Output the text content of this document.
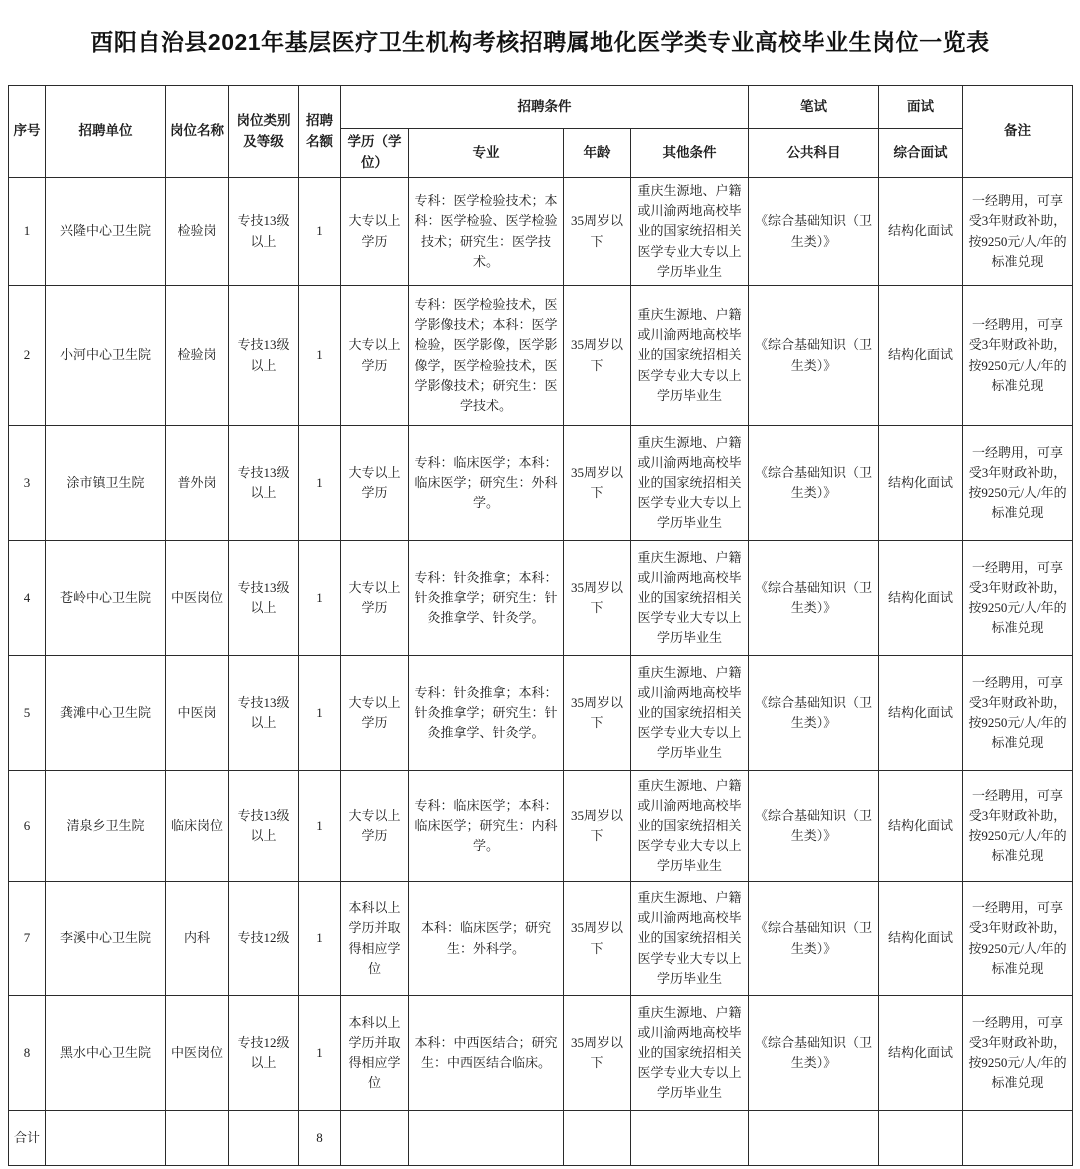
酉阳自治县2021年基层医疗卫生机构考核招聘属地化医学类专业高校毕业生岗位一览表
序号	招聘单位	岗位名称	岗位类别及等级	招聘名额	招聘条件				笔试	面试	备注
					学历（学位）	专业	年龄	其他条件	公共科目	综合面试	
1	兴隆中心卫生院	检验岗	专技13级以上	1	大专以上学历	专科：医学检验技术；本科：医学检验、医学检验技术；研究生：医学技术。	35周岁以下	重庆生源地、户籍或川渝两地高校毕业的国家统招相关医学专业大专以上学历毕业生	《综合基础知识（卫生类）》	结构化面试	一经聘用，可享受3年财政补助，按9250元/人/年的标准兑现
2	小河中心卫生院	检验岗	专技13级以上	1	大专以上学历	专科：医学检验技术，医学影像技术；本科：医学检验，医学影像，医学影像学，医学检验技术，医学影像技术；研究生：医学技术。	35周岁以下	重庆生源地、户籍或川渝两地高校毕业的国家统招相关医学专业大专以上学历毕业生	《综合基础知识（卫生类）》	结构化面试	一经聘用，可享受3年财政补助，按9250元/人/年的标准兑现
3	涂市镇卫生院	普外岗	专技13级以上	1	大专以上学历	专科：临床医学；本科：临床医学；研究生：外科学。	35周岁以下	重庆生源地、户籍或川渝两地高校毕业的国家统招相关医学专业大专以上学历毕业生	《综合基础知识（卫生类）》	结构化面试	一经聘用，可享受3年财政补助，按9250元/人/年的标准兑现
4	苍岭中心卫生院	中医岗位	专技13级以上	1	大专以上学历	专科：针灸推拿；本科：针灸推拿学；研究生：针灸推拿学、针灸学。	35周岁以下	重庆生源地、户籍或川渝两地高校毕业的国家统招相关医学专业大专以上学历毕业生	《综合基础知识（卫生类）》	结构化面试	一经聘用，可享受3年财政补助，按9250元/人/年的标准兑现
5	龚滩中心卫生院	中医岗	专技13级以上	1	大专以上学历	专科：针灸推拿；本科：针灸推拿学；研究生：针灸推拿学、针灸学。	35周岁以下	重庆生源地、户籍或川渝两地高校毕业的国家统招相关医学专业大专以上学历毕业生	《综合基础知识（卫生类）》	结构化面试	一经聘用，可享受3年财政补助，按9250元/人/年的标准兑现
6	清泉乡卫生院	临床岗位	专技13级以上	1	大专以上学历	专科：临床医学；本科：临床医学；研究生：内科学。	35周岁以下	重庆生源地、户籍或川渝两地高校毕业的国家统招相关医学专业大专以上学历毕业生	《综合基础知识（卫生类）》	结构化面试	一经聘用，可享受3年财政补助，按9250元/人/年的标准兑现
7	李溪中心卫生院	内科	专技12级	1	本科以上学历并取得相应学位	本科：临床医学；研究生：外科学。	35周岁以下	重庆生源地、户籍或川渝两地高校毕业的国家统招相关医学专业大专以上学历毕业生	《综合基础知识（卫生类）》	结构化面试	一经聘用，可享受3年财政补助，按9250元/人/年的标准兑现
8	黑水中心卫生院	中医岗位	专技12级以上	1	本科以上学历并取得相应学位	本科：中西医结合；研究生：中西医结合临床。	35周岁以下	重庆生源地、户籍或川渝两地高校毕业的国家统招相关医学专业大专以上学历毕业生	《综合基础知识（卫生类）》	结构化面试	一经聘用，可享受3年财政补助，按9250元/人/年的标准兑现
合计				8							
